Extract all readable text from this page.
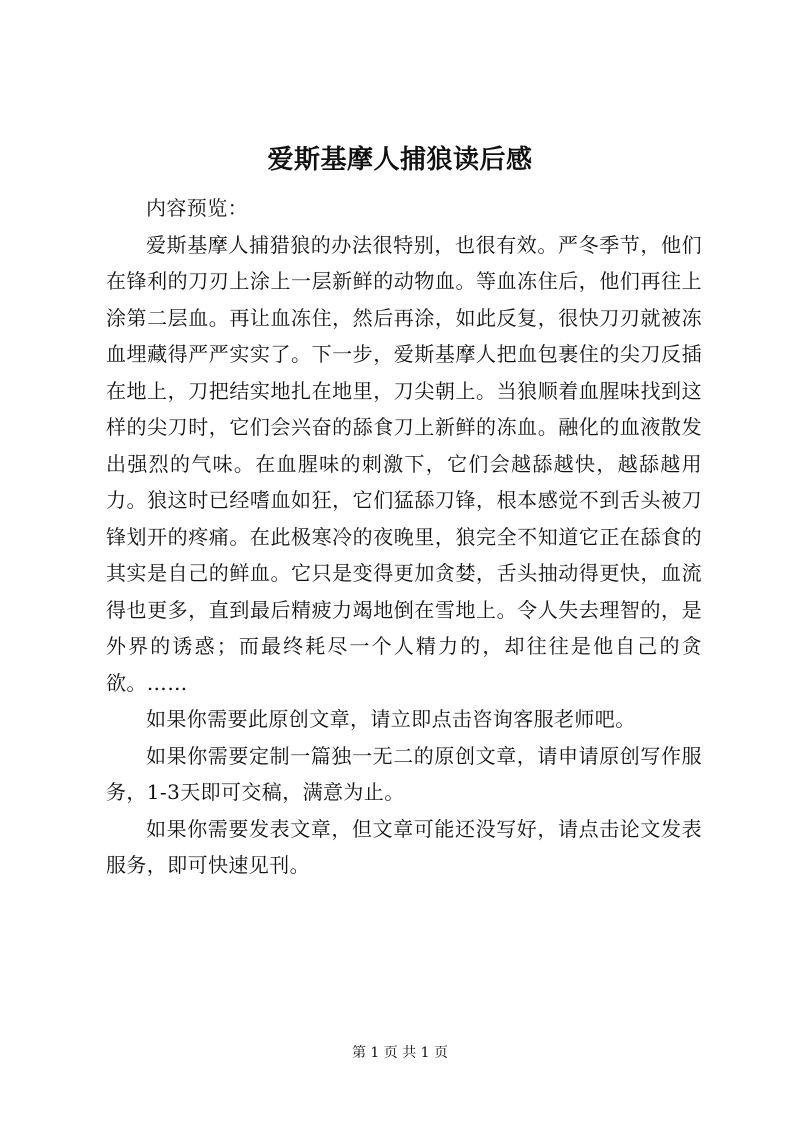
爱斯基摩人捕狼读后感

内容预览：

爱斯基摩人捕猎狼的办法很特别，也很有效。严冬季节，他们在锋利的刀刃上涂上一层新鲜的动物血。等血冻住后，他们再往上涂第二层血。再让血冻住，然后再涂，如此反复，很快刀刃就被冻血埋藏得严严实实了。下一步，爱斯基摩人把血包裹住的尖刀反插在地上，刀把结实地扎在地里，刀尖朝上。当狼顺着血腥味找到这样的尖刀时，它们会兴奋的舔食刀上新鲜的冻血。融化的血液散发出强烈的气味。在血腥味的刺激下，它们会越舔越快，越舔越用力。狼这时已经嗜血如狂，它们猛舔刀锋，根本感觉不到舌头被刀锋划开的疼痛。在此极寒冷的夜晚里，狼完全不知道它正在舔食的其实是自己的鲜血。它只是变得更加贪婪，舌头抽动得更快，血流得也更多，直到最后精疲力竭地倒在雪地上。令人失去理智的，是外界的诱惑；而最终耗尽一个人精力的，却往往是他自己的贪欲。……

如果你需要此原创文章，请立即点击咨询客服老师吧。

如果你需要定制一篇独一无二的原创文章，请申请原创写作服务，1-3天即可交稿，满意为止。

如果你需要发表文章，但文章可能还没写好，请点击论文发表服务，即可快速见刊。

第 1 页 共 1 页
